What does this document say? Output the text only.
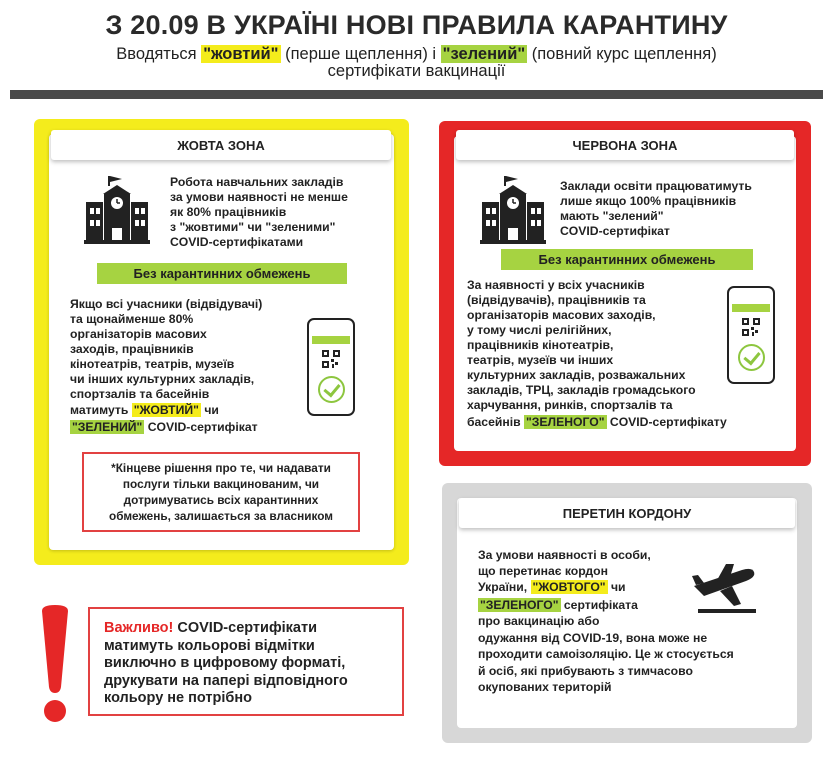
З 20.09 В УКРАЇНІ НОВІ ПРАВИЛА КАРАНТИНУ
Вводяться "жовтий" (перше щеплення) і "зелений" (повний курс щеплення)
сертифікати вакцинації
ЖОВТА ЗОНА
Робота навчальних закладів
за умови наявності не менше
як 80% працівників
з "жовтими" чи "зеленими"
COVID-сертифікатами
Без карантинних обмежень
Якщо всі учасники (відвідувачі)
та щонайменше 80%
організаторів масових
заходів, працівників
кінотеатрів, театрів, музеїв
чи інших культурних закладів,
спортзалів та басейнів
матимуть "ЖОВТИЙ" чи
"ЗЕЛЕНИЙ" COVID-сертифікат
*Кінцеве рішення про те, чи надавати
послуги тільки вакцинованим, чи
дотримуватись всіх карантинних
обмежень, залишається за власником
ЧЕРВОНА ЗОНА
Заклади освіти працюватимуть
лише якщо 100% працівників
мають "зелений"
COVID-сертифікат
Без карантинних обмежень
За наявності у всіх учасників
(відвідувачів), працівників та
організаторів масових заходів,
у тому числі релігійних,
працівників кінотеатрів,
театрів, музеїв чи інших
культурних закладів, розважальних
закладів, ТРЦ, закладів громадського
харчування, ринків, спортзалів та
басейнів "ЗЕЛЕНОГО" COVID-сертифікату
ПЕРЕТИН КОРДОНУ
За умови наявності в особи,
що перетинає кордон
України, "ЖОВТОГО" чи
"ЗЕЛЕНОГО" сертифіката
про вакцинацію або
одужання від COVID-19, вона може не
проходити самоізоляцію. Це ж стосується
й осіб, які прибувають з тимчасово
окупованих територій
Важливо! COVID-сертифікати
матимуть кольорові відмітки
виключно в цифровому форматі,
друкувати на папері відповідного
кольору не потрібно
